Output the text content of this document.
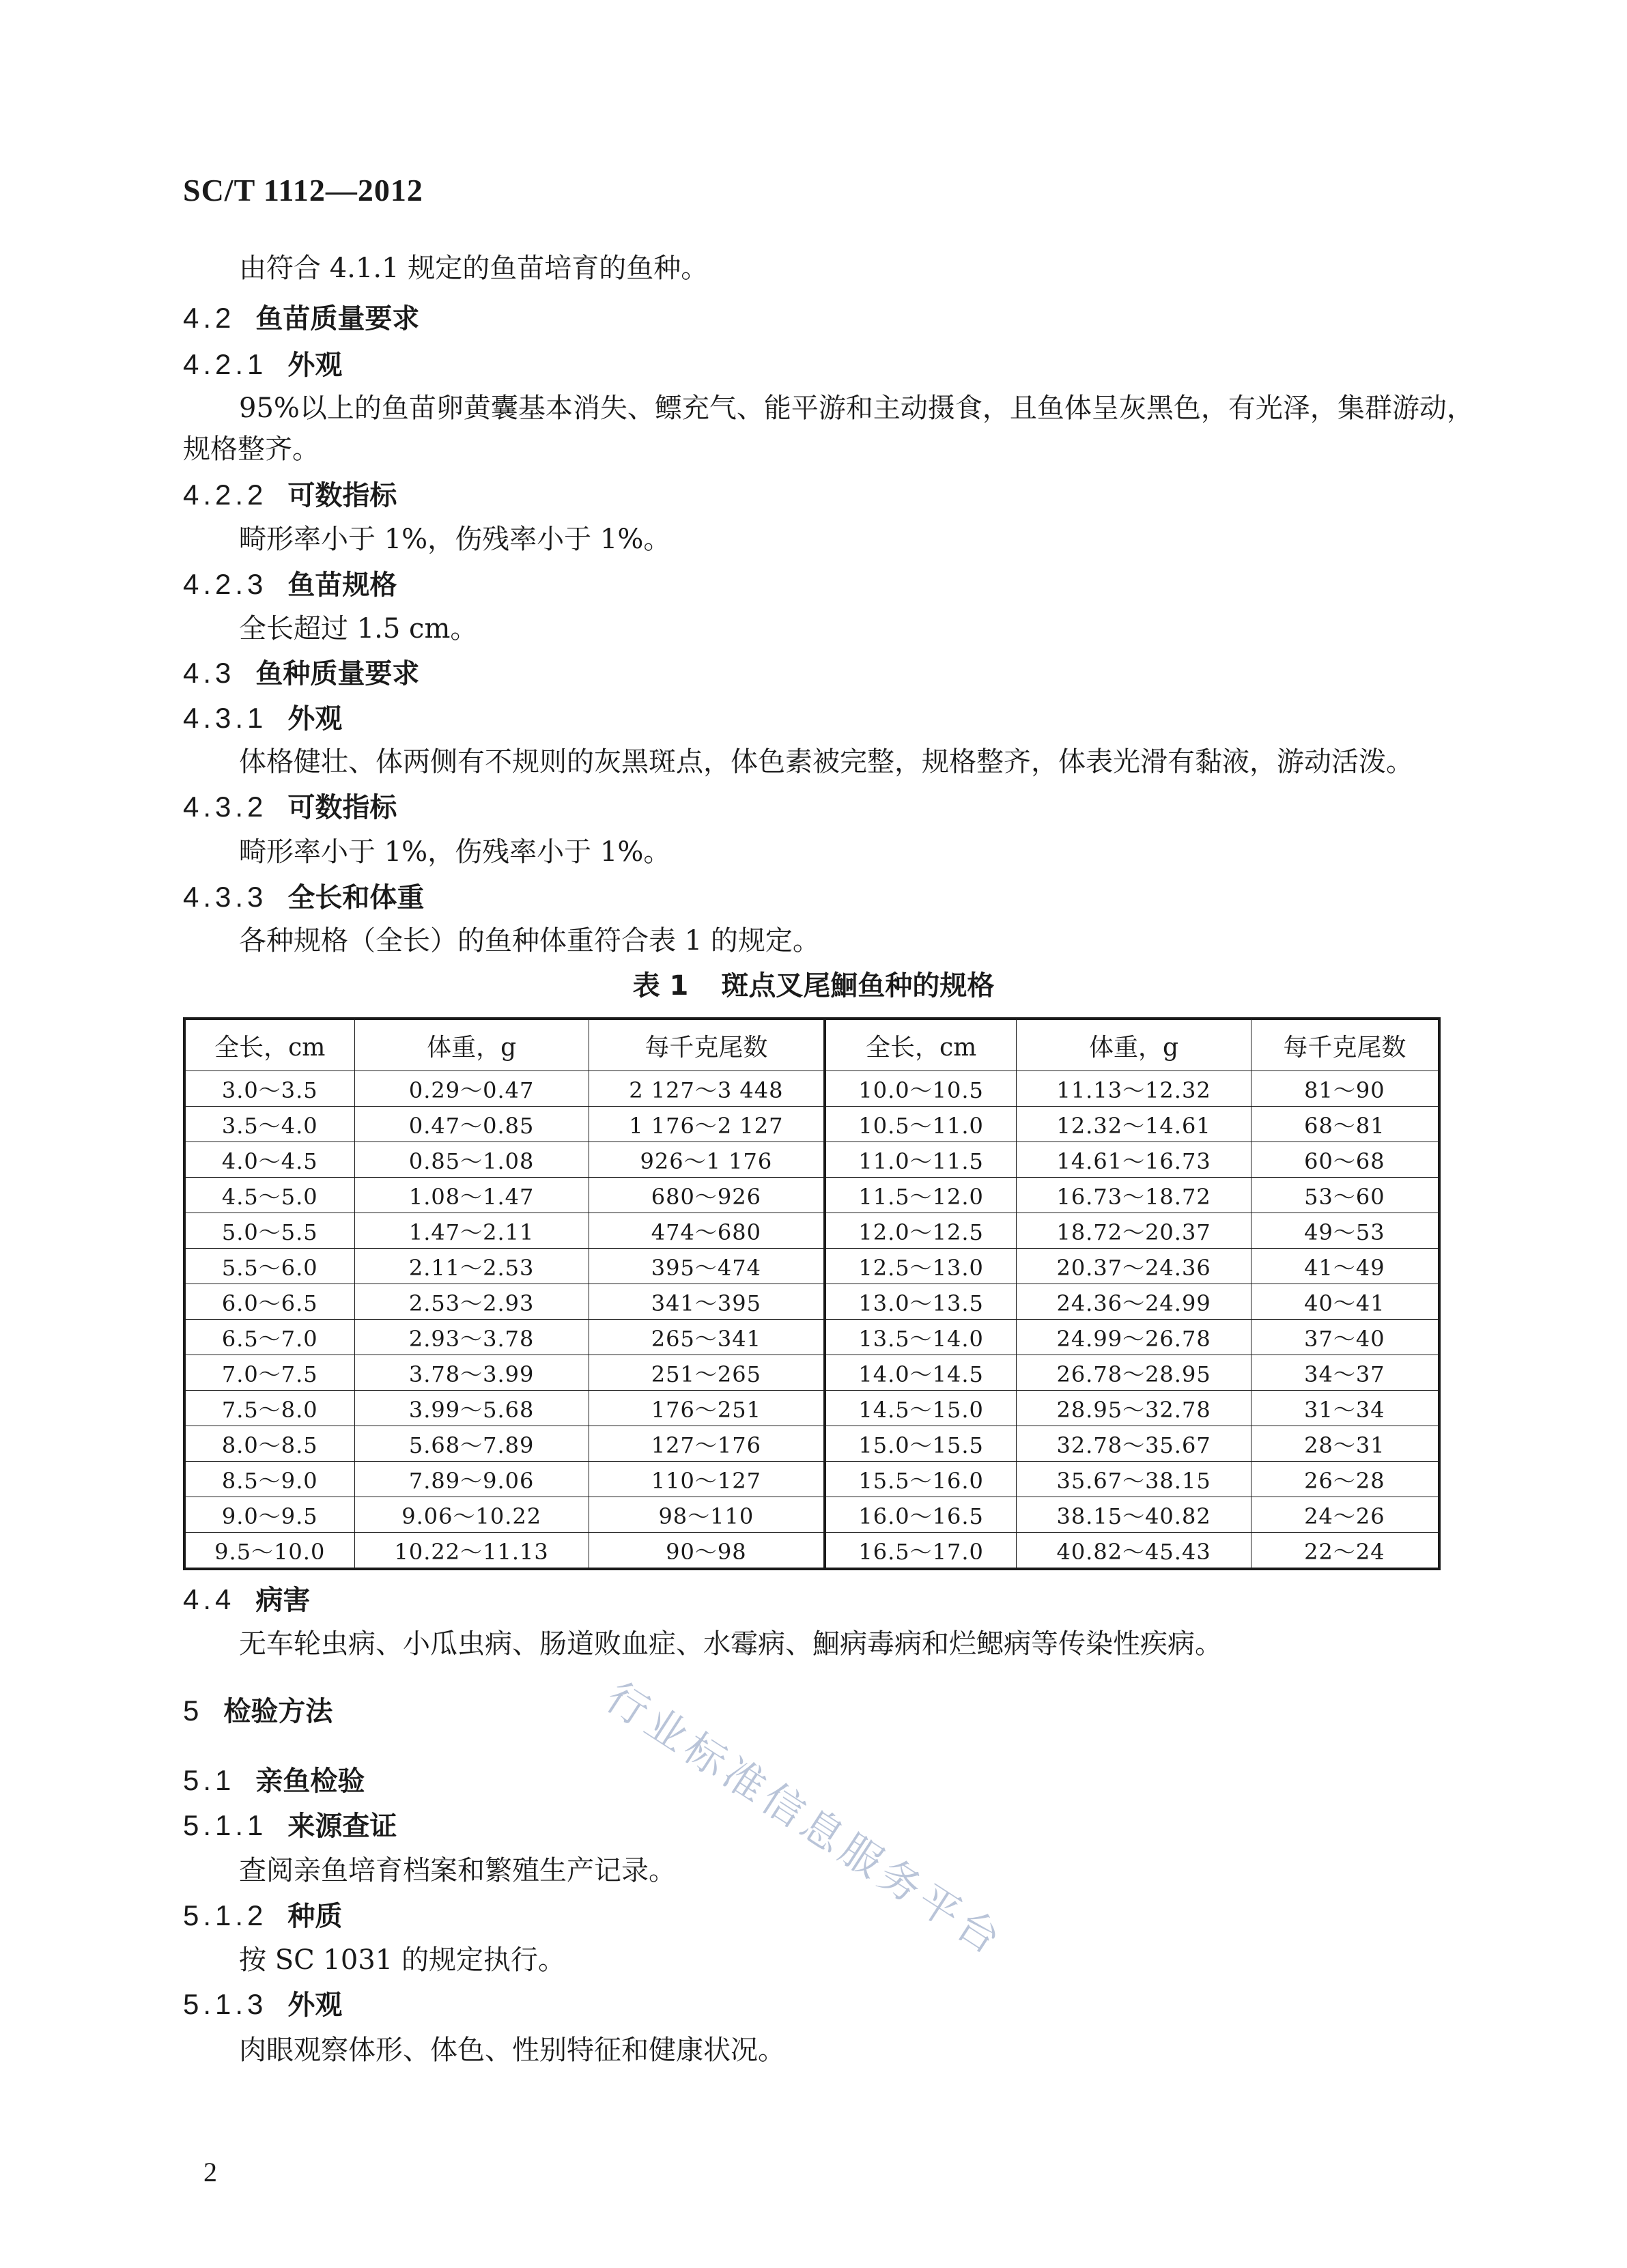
SC/T 1112—2012
由符合 4.1.1 规定的鱼苗培育的鱼种。
4.2 鱼苗质量要求
4.2.1 外观
95%以上的鱼苗卵黄囊基本消失、鳔充气、能平游和主动摄食，且鱼体呈灰黑色，有光泽，集群游动，
规格整齐。
4.2.2 可数指标
畸形率小于 1%，伤残率小于 1%。
4.2.3 鱼苗规格
全长超过 1.5 cm。
4.3 鱼种质量要求
4.3.1 外观
体格健壮、体两侧有不规则的灰黑斑点，体色素被完整，规格整齐，体表光滑有黏液，游动活泼。
4.3.2 可数指标
畸形率小于 1%，伤残率小于 1%。
4.3.3 全长和体重
各种规格（全长）的鱼种体重符合表 1 的规定。
表 1 斑点叉尾鮰鱼种的规格
全长，cm	体重，g	每千克尾数	全长，cm	体重，g	每千克尾数
3.0～3.5	0.29～0.47	2 127～3 448	10.0～10.5	11.13～12.32	81～90
3.5～4.0	0.47～0.85	1 176～2 127	10.5～11.0	12.32～14.61	68～81
4.0～4.5	0.85～1.08	926～1 176	11.0～11.5	14.61～16.73	60～68
4.5～5.0	1.08～1.47	680～926	11.5～12.0	16.73～18.72	53～60
5.0～5.5	1.47～2.11	474～680	12.0～12.5	18.72～20.37	49～53
5.5～6.0	2.11～2.53	395～474	12.5～13.0	20.37～24.36	41～49
6.0～6.5	2.53～2.93	341～395	13.0～13.5	24.36～24.99	40～41
6.5～7.0	2.93～3.78	265～341	13.5～14.0	24.99～26.78	37～40
7.0～7.5	3.78～3.99	251～265	14.0～14.5	26.78～28.95	34～37
7.5～8.0	3.99～5.68	176～251	14.5～15.0	28.95～32.78	31～34
8.0～8.5	5.68～7.89	127～176	15.0～15.5	32.78～35.67	28～31
8.5～9.0	7.89～9.06	110～127	15.5～16.0	35.67～38.15	26～28
9.0～9.5	9.06～10.22	98～110	16.0～16.5	38.15～40.82	24～26
9.5～10.0	10.22～11.13	90～98	16.5～17.0	40.82～45.43	22～24
4.4 病害
无车轮虫病、小瓜虫病、肠道败血症、水霉病、鮰病毒病和烂鳃病等传染性疾病。
5 检验方法
5.1 亲鱼检验
5.1.1 来源查证
查阅亲鱼培育档案和繁殖生产记录。
5.1.2 种质
按 SC 1031 的规定执行。
5.1.3 外观
肉眼观察体形、体色、性别特征和健康状况。
行业标准信息服务平台
2
